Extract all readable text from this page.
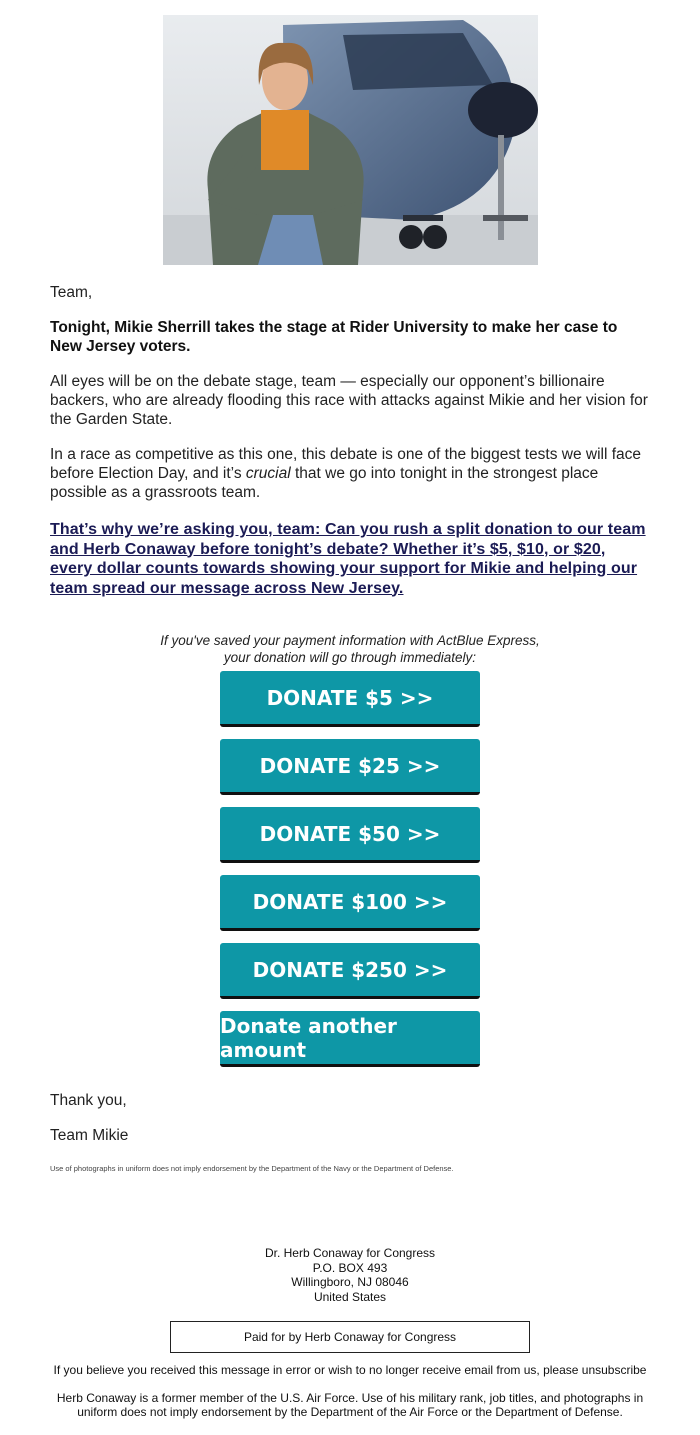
Team,

Tonight, Mikie Sherrill takes the stage at Rider University to make her case to New Jersey voters.

All eyes will be on the debate stage, team — especially our opponent’s billionaire backers, who are already flooding this race with attacks against Mikie and her vision for the Garden State.

In a race as competitive as this one, this debate is one of the biggest tests we will face before Election Day, and it’s crucial that we go into tonight in the strongest place possible as a grassroots team.

That’s why we’re asking you, team: Can you rush a split donation to our team and Herb Conaway before tonight’s debate? Whether it’s $5, $10, or $20, every dollar counts towards showing your support for Mikie and helping our team spread our message across New Jersey.

If you've saved your payment information with ActBlue Express,
your donation will go through immediately:
DONATE $5 >>
DONATE $25 >>
DONATE $50 >>
DONATE $100 >>
DONATE $250 >>
Donate another amount

Thank you,

Team Mikie

Use of photographs in uniform does not imply endorsement by the Department of the Navy or the Department of Defense.
Dr. Herb Conaway for Congress
P.O. BOX 493
Willingboro, NJ 08046
United States
Paid for by Herb Conaway for Congress
If you believe you received this message in error or wish to no longer receive email from us, please unsubscribe
Herb Conaway is a former member of the U.S. Air Force. Use of his military rank, job titles, and photographs in uniform does not imply endorsement by the Department of the Air Force or the Department of Defense.
